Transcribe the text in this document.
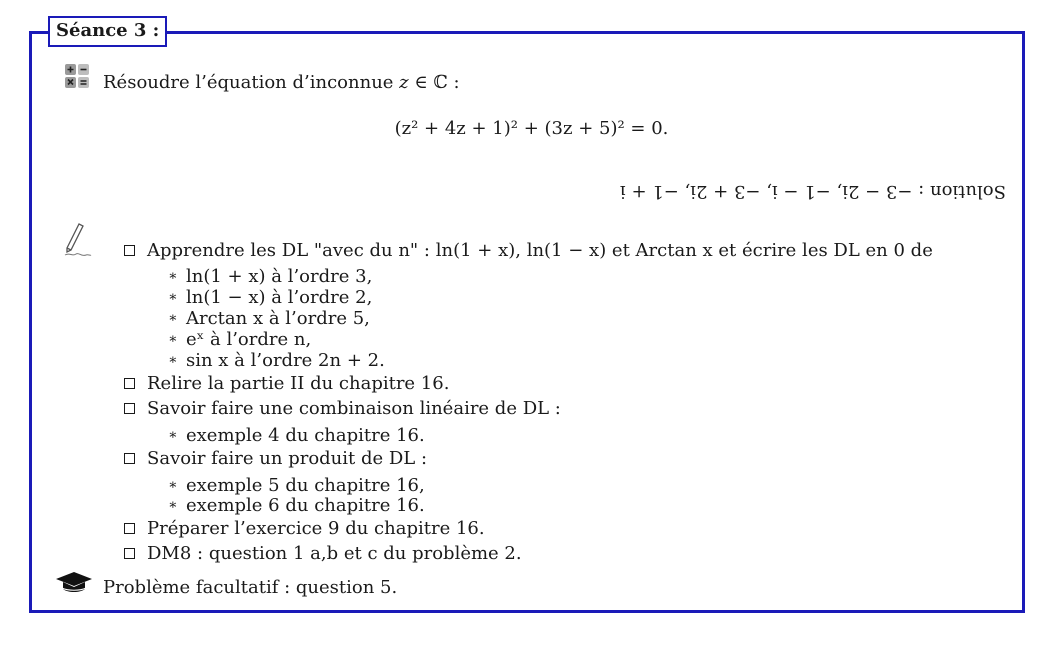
Séance 3 :
Résoudre l’équation d’inconnue z ∈ ℂ :
(z² + 4z + 1)² + (3z + 5)² = 0.
Solution : −3 − 2i, −1 − i, −3 + 2i, −1 + i
Apprendre les DL "avec du n" : ln(1 + x), ln(1 − x) et Arctan x et écrire les DL en 0 de
∗ ln(1 + x) à l’ordre 3,
∗ ln(1 − x) à l’ordre 2,
∗ Arctan x à l’ordre 5,
∗ eˣ à l’ordre n,
∗ sin x à l’ordre 2n + 2.
Relire la partie II du chapitre 16.
Savoir faire une combinaison linéaire de DL :
∗ exemple 4 du chapitre 16.
Savoir faire un produit de DL :
∗ exemple 5 du chapitre 16,
∗ exemple 6 du chapitre 16.
Préparer l’exercice 9 du chapitre 16.
DM8 : question 1 a,b et c du problème 2.
Problème facultatif : question 5.
